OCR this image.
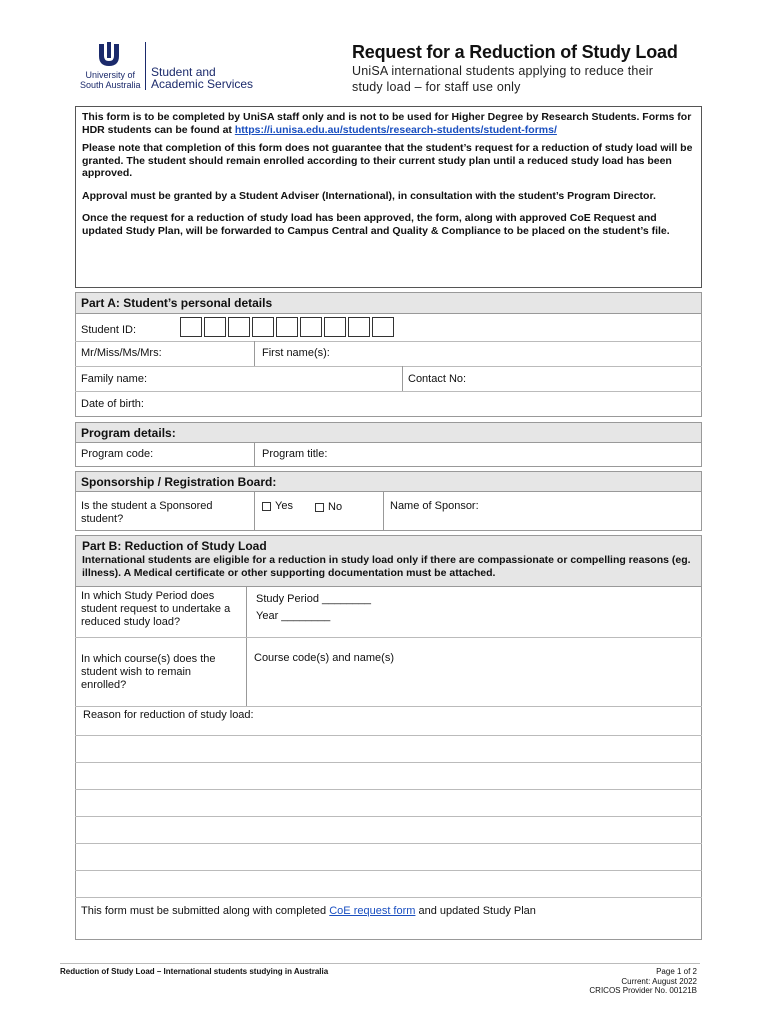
University of
South Australia
Student and
Academic Services
Request for a Reduction of Study Load
UniSA international students applying to reduce their study load – for staff use only

This form is to be completed by UniSA staff only and is not to be used for Higher Degree by Research Students. Forms for HDR students can be found at https://i.unisa.edu.au/students/research-students/student-forms/

Please note that completion of this form does not guarantee that the student’s request for a reduction of study load will be granted. The student should remain enrolled according to their current study plan until a reduced study load has been approved.

Approval must be granted by a Student Adviser (International), in consultation with the student’s Program Director.

Once the request for a reduction of study load has been approved, the form, along with approved CoE Request and updated Study Plan, will be forwarded to Campus Central and Quality & Compliance to be placed on the student’s file.

Part A: Student’s personal details
Student ID:
Mr/Miss/Ms/Mrs:	First name(s):
Family name:	Contact No:
Date of birth:
Program details:
Program code:	Program title:
Sponsorship / Registration Board:
Is the student a Sponsored student?
Yes	No	Name of Sponsor:
Part B: Reduction of Study Load
International students are eligible for a reduction in study load only if there are compassionate or compelling reasons (eg. illness). A Medical certificate or other supporting documentation must be attached.
In which Study Period does student request to undertake a reduced study load?
Study Period ________
Year ________
In which course(s) does the student wish to remain enrolled?
Course code(s) and name(s)
Reason for reduction of study load:
This form must be submitted along with completed CoE request form and updated Study Plan
Reduction of Study Load – International students studying in Australia	Page 1 of 2
Current: August 2022
CRICOS Provider No. 00121B
